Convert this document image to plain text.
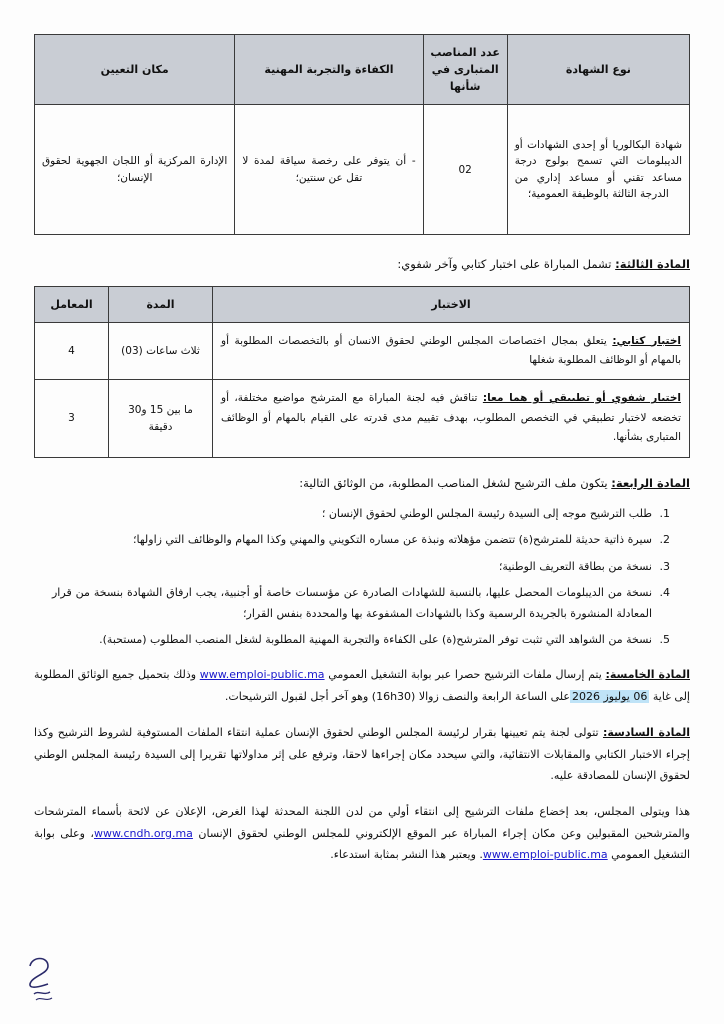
نوع الشهادة	عدد المناصب المتبارى في شأنها	الكفاءة والتجربة المهنية	مكان التعيين
شهادة البكالوريا أو إحدى الشهادات أو الديبلومات التي تسمح بولوج درجة مساعد تقني أو مساعد إداري من الدرجة الثالثة بالوظيفة العمومية؛	02	- أن يتوفر على رخصة سياقة لمدة لا تقل عن سنتين؛	الإدارة المركزية أو اللجان الجهوية لحقوق الإنسان؛

المادة الثالثة: تشمل المباراة على اختبار كتابي وآخر شفوي:

الاختبار	المدة	المعامل
اختبار كتابي: يتعلق بمجال اختصاصات المجلس الوطني لحقوق الانسان أو بالتخصصات المطلوبة أو بالمهام أو الوظائف المطلوبة شغلها	ثلاث ساعات (03)	4
اختبار شفوي أو تطبيقي أو هما معا: تناقش فيه لجنة المباراة مع المترشح مواضيع مختلفة، أو تخضعه لاختبار تطبيقي في التخصص المطلوب، بهدف تقييم مدى قدرته على القيام بالمهام أو الوظائف المتبارى بشأنها.	ما بين 15 و30 دقيقة	3

المادة الرابعة: يتكون ملف الترشيح لشغل المناصب المطلوبة، من الوثائق التالية:

1. طلب الترشيح موجه إلى السيدة رئيسة المجلس الوطني لحقوق الإنسان ؛
2. سيرة ذاتية حديثة للمترشح(ة) تتضمن مؤهلاته ونبذة عن مساره التكويني والمهني وكذا المهام والوظائف التي زاولها؛
3. نسخة من بطاقة التعريف الوطنية؛
4. نسخة من الديبلومات المحصل عليها، بالنسبة للشهادات الصادرة عن مؤسسات خاصة أو أجنبية، يجب ارفاق الشهادة بنسخة من قرار المعادلة المنشورة بالجريدة الرسمية وكذا بالشهادات المشفوعة بها والمحددة بنفس القرار؛
5. نسخة من الشواهد التي تثبت توفر المترشح(ة) على الكفاءة والتجربة المهنية المطلوبة لشغل المنصب المطلوب (مستحبة).

المادة الخامسة: يتم إرسال ملفات الترشيح حصرا عبر بوابة التشغيل العمومي www.emploi-public.ma وذلك بتحميل جميع الوثائق المطلوبة إلى غاية 06 يوليوز 2026على الساعة الرابعة والنصف زوالا (16h30) وهو آخر أجل لقبول الترشيحات.

المادة السادسة: تتولى لجنة يتم تعيينها بقرار لرئيسة المجلس الوطني لحقوق الإنسان عملية انتقاء الملفات المستوفية لشروط الترشيح وكذا إجراء الاختبار الكتابي والمقابلات الانتقائية، والتي سيحدد مكان إجراءها لاحقا، وترفع على إثر مداولاتها تقريرا إلى السيدة رئيسة المجلس الوطني لحقوق الإنسان للمصادقة عليه.

هذا ويتولى المجلس، بعد إخضاع ملفات الترشيح إلى انتقاء أولي من لدن اللجنة المحدثة لهذا الغرض، الإعلان عن لائحة بأسماء المترشحات والمترشحين المقبولين وعن مكان إجراء المباراة عبر الموقع الإلكتروني للمجلس الوطني لحقوق الإنسان www.cndh.org.ma، وعلى بوابة التشغيل العمومي www.emploi-public.ma. ويعتبر هذا النشر بمثابة استدعاء.
